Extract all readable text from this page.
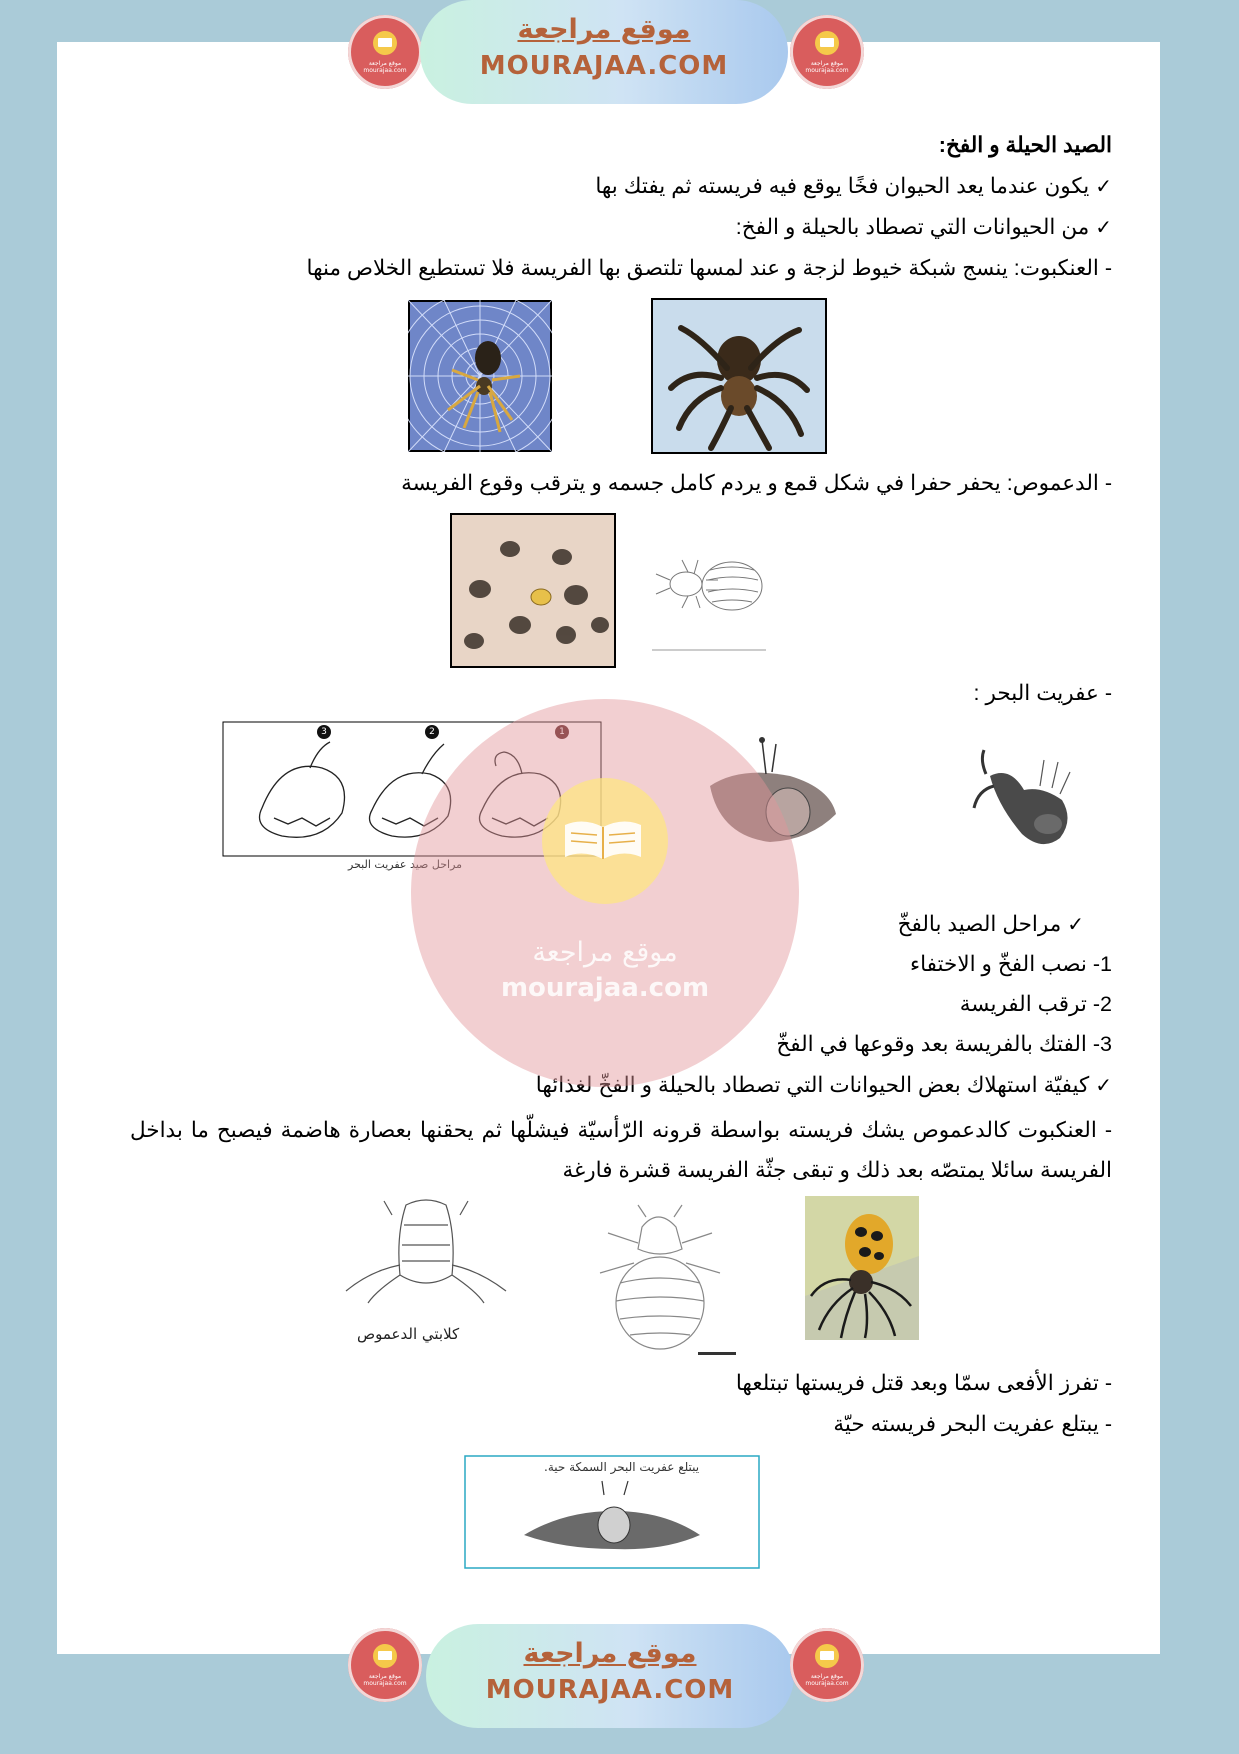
موقع مراجعة mourajaa.com
موقع مراجعة
MOURAJAA.COM	موقع مراجعة mourajaa.com
الصيد الحيلة و الفخ:
✓ يكون عندما يعد الحيوان فخًا يوقع فيه فريسته ثم يفتك بها
✓ من الحيوانات التي تصطاد بالحيلة و الفخ:
- العنكبوت: ينسج شبكة خيوط لزجة و عند لمسها تلتصق بها الفريسة فلا تستطيع الخلاص منها
- الدعموص: يحفر حفرا في شكل قمع و يردم كامل جسمه و يترقب وقوع الفريسة
- عفريت البحر :
3	2	1
مراحل صيد عفريت البحر
✓ مراحل الصيد بالفخّ
1- نصب الفخّ و الاختفاء
2- ترقب الفريسة
3- الفتك بالفريسة بعد وقوعها في الفخّ
✓ كيفيّة استهلاك بعض الحيوانات التي تصطاد بالحيلة و الفخّ لغذائها
- العنكبوت كالدعموص يشك فريسته بواسطة قرونه الرّأسيّة فيشلّها ثم يحقنها بعصارة هاضمة فيصبح ما بداخل الفريسة سائلا يمتصّه بعد ذلك و تبقى جثّة الفريسة قشرة فارغة
كلابتي الدعموص
- تفرز الأفعى سمّا وبعد قتل فريستها تبتلعها
- يبتلع عفريت البحر فريسته حيّة
يبتلع عفريت البحر السمكة حية.
موقع مراجعة
mourajaa.com
موقع مراجعة mourajaa.com
موقع مراجعة
MOURAJAA.COM	موقع مراجعة mourajaa.com
